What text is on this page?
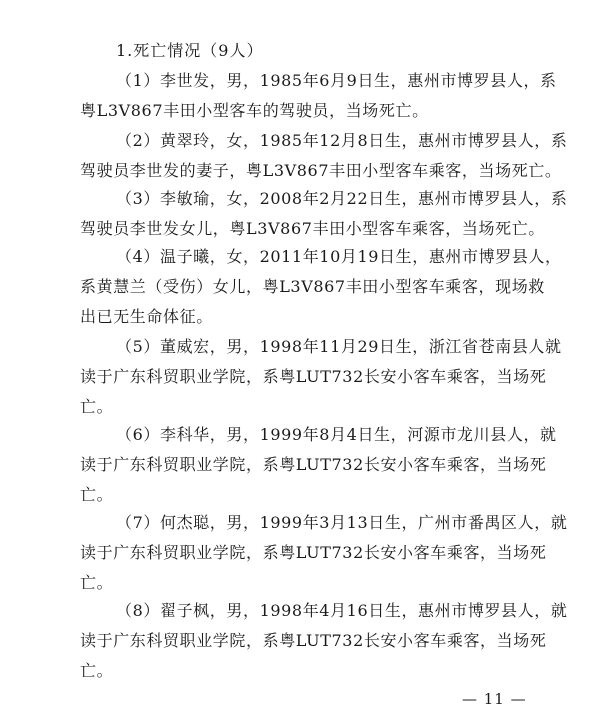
1.死亡情况（9人）
（1）李世发，男，1985年6月9日生，惠州市博罗县人，系
粤L3V867丰田小型客车的驾驶员，当场死亡。
（2）黄翠玲，女，1985年12月8日生，惠州市博罗县人，系
驾驶员李世发的妻子，粤L3V867丰田小型客车乘客，当场死亡。
（3）李敏瑜，女，2008年2月22日生，惠州市博罗县人，系
驾驶员李世发女儿，粤L3V867丰田小型客车乘客，当场死亡。
（4）温子曦，女，2011年10月19日生，惠州市博罗县人，
系黄慧兰（受伤）女儿，粤L3V867丰田小型客车乘客，现场救
出已无生命体征。
（5）董威宏，男，1998年11月29日生，浙江省苍南县人就
读于广东科贸职业学院，系粤LUT732长安小客车乘客，当场死
亡。
（6）李科华，男，1999年8月4日生，河源市龙川县人，就
读于广东科贸职业学院，系粤LUT732长安小客车乘客，当场死
亡。
（7）何杰聪，男，1999年3月13日生，广州市番禺区人，就
读于广东科贸职业学院，系粤LUT732长安小客车乘客，当场死
亡。
（8）翟子枫，男，1998年4月16日生，惠州市博罗县人，就
读于广东科贸职业学院，系粤LUT732长安小客车乘客，当场死
亡。
— 11 —
